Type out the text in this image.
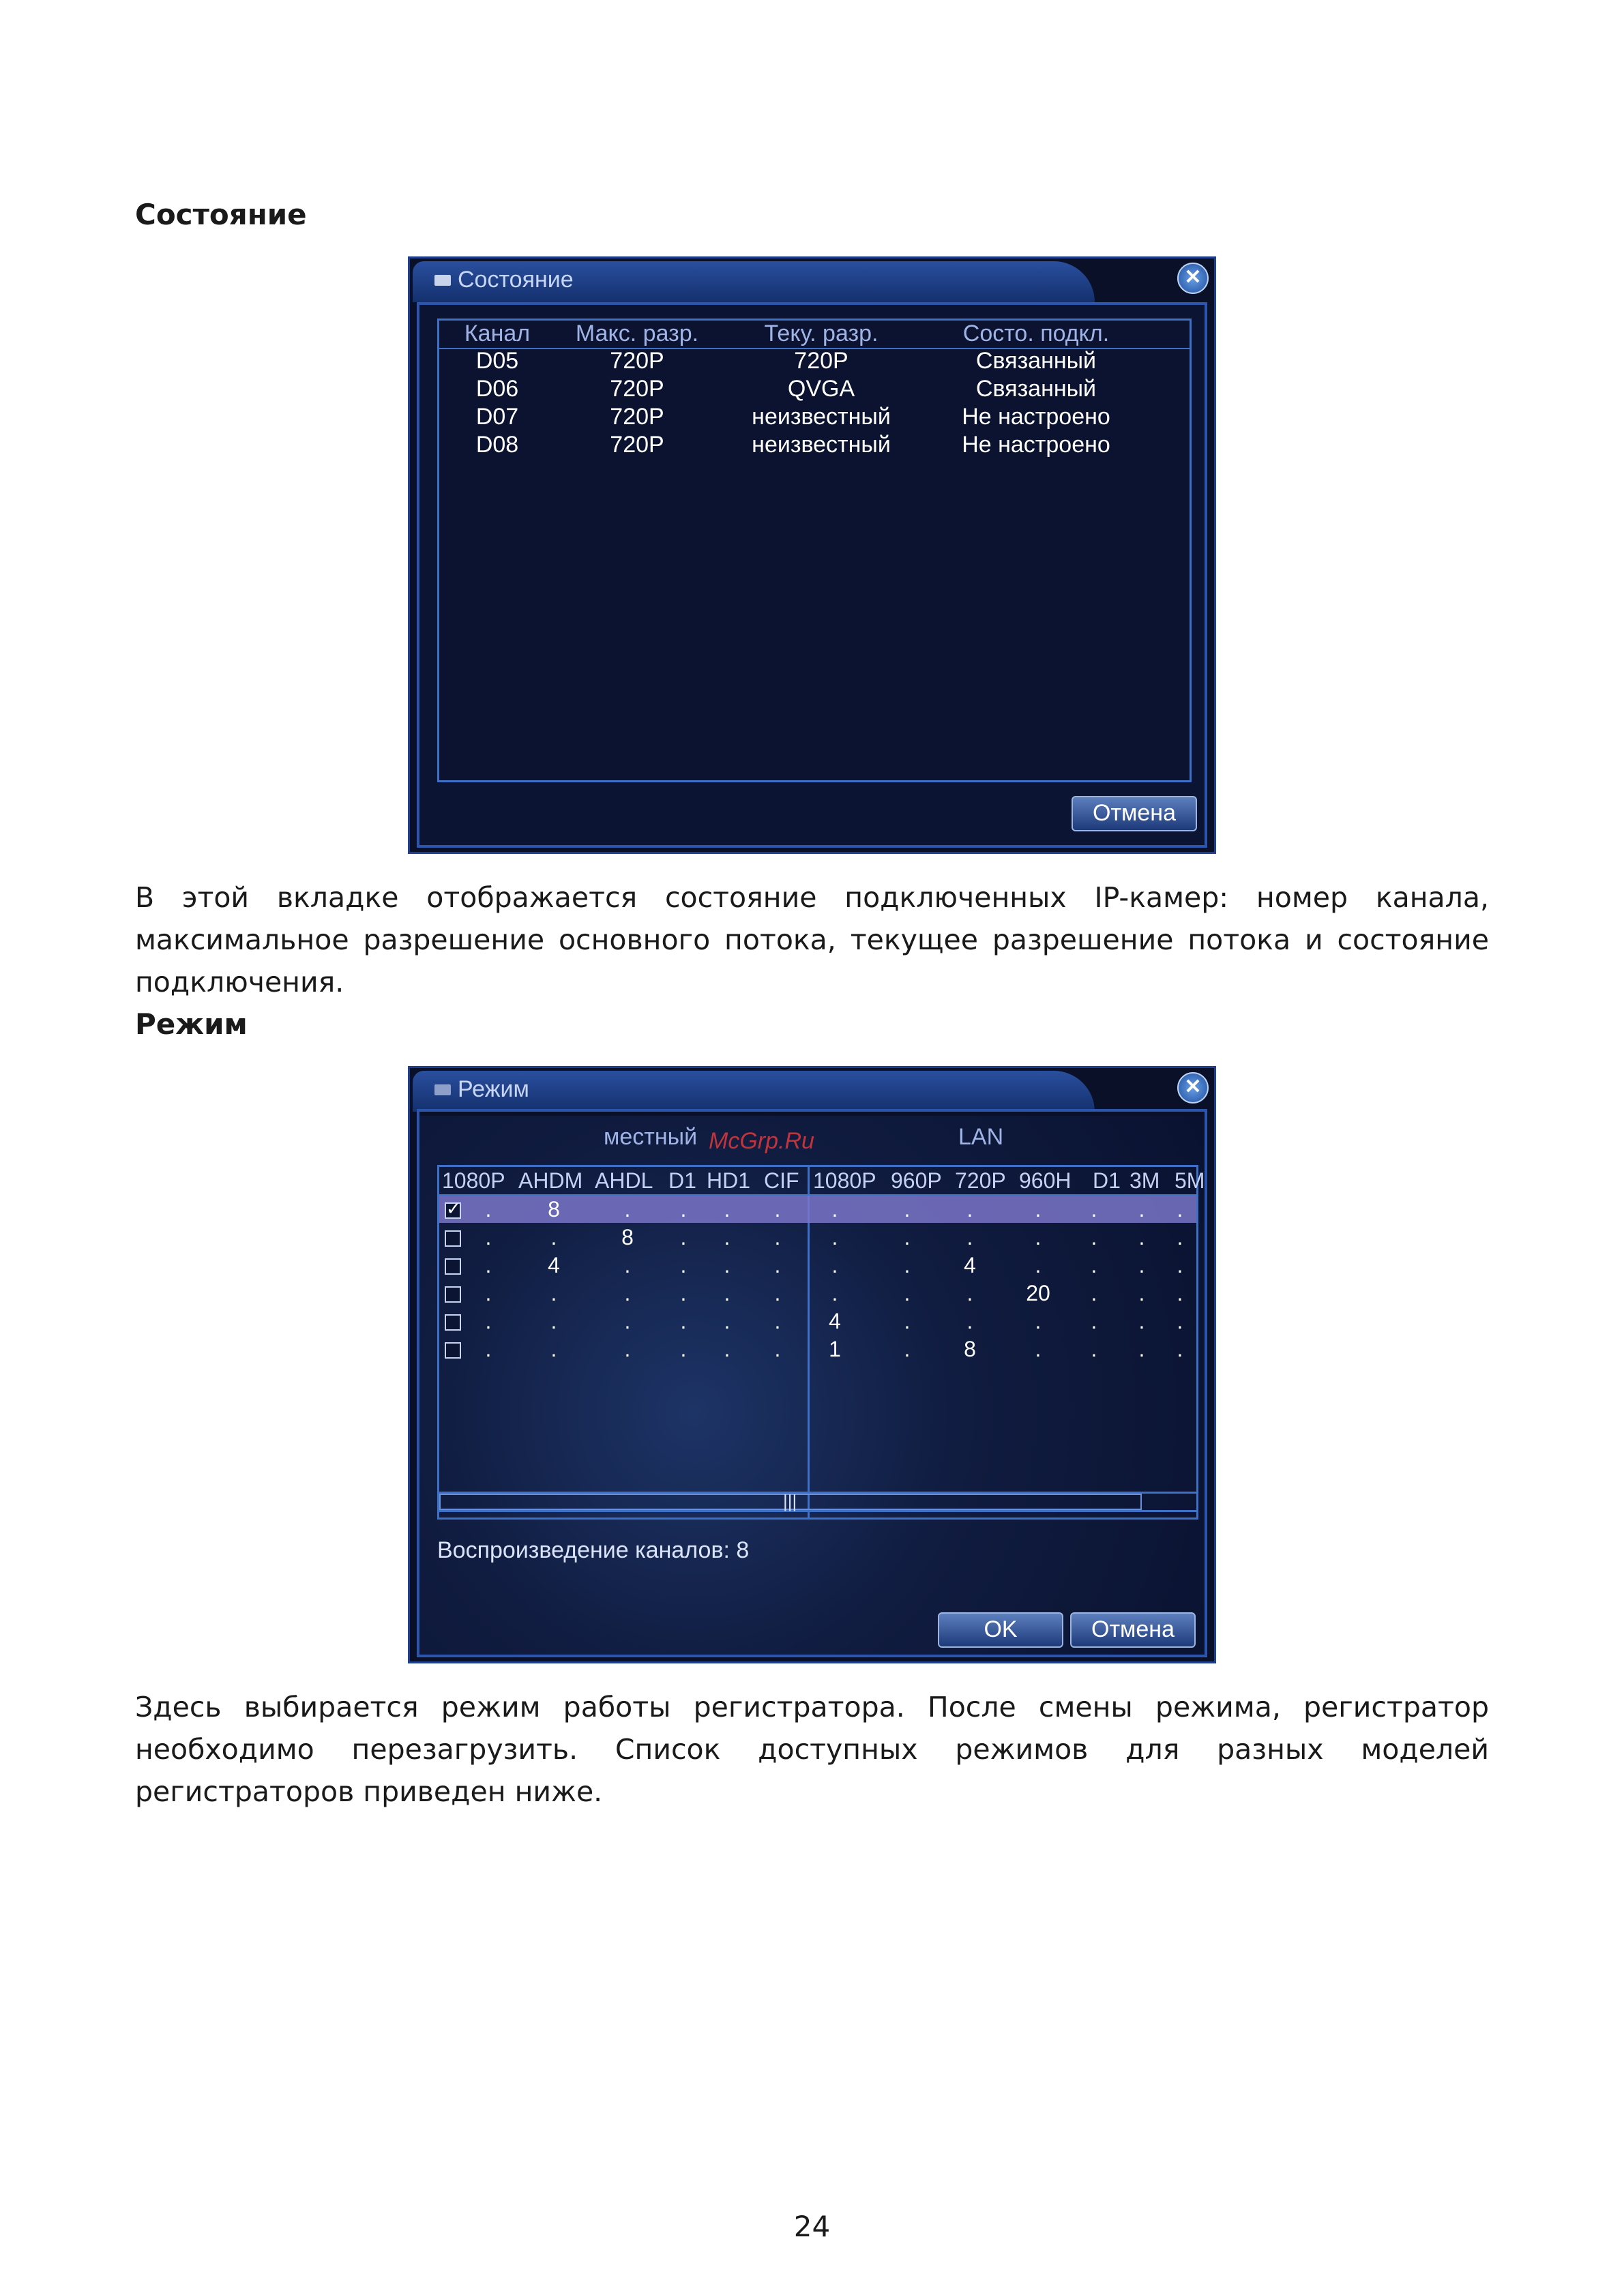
Состояние
Состояние	✕
Канал	Макс. разр.	Теку. разр.	Состо. подкл.
D05	720P	720P	Связанный
D06	720P	QVGA	Связанный
D07	720P	неизвестный	Не настроено
D08	720P	неизвестный	Не настроено
Отмена
В этой вкладке отображается состояние подключенных IP-камер: номер канала, максимальное разрешение основного потока, текущее разрешение потока и состояние подключения.
Режим
Режим	✕
местный McGrp.Ru	LAN
1080P AHDM AHDL D1 HD1 CIF 1080P 960P 720P 960H D1 3M 5M
✓
.	8	.	.	.	.	.	.	.	.	.	.	.
.	.	8	.	.	.	.	.	.	.	.	.	.
.	4	.	.	.	.	.	.	4	.	.	.	.
.	.	.	.	.	.	.	.	.	20	.	.	.
.	.	.	.	.	.	4	.	.	.	.	.	.
.	.	.	.	.	.	1	.	8	.	.	.	.
|||
Воспроизведение каналов: 8
OK	Отмена
Здесь выбирается режим работы регистратора. После смены режима, регистратор необходимо перезагрузить. Список доступных режимов для разных моделей регистраторов приведен ниже.
24
